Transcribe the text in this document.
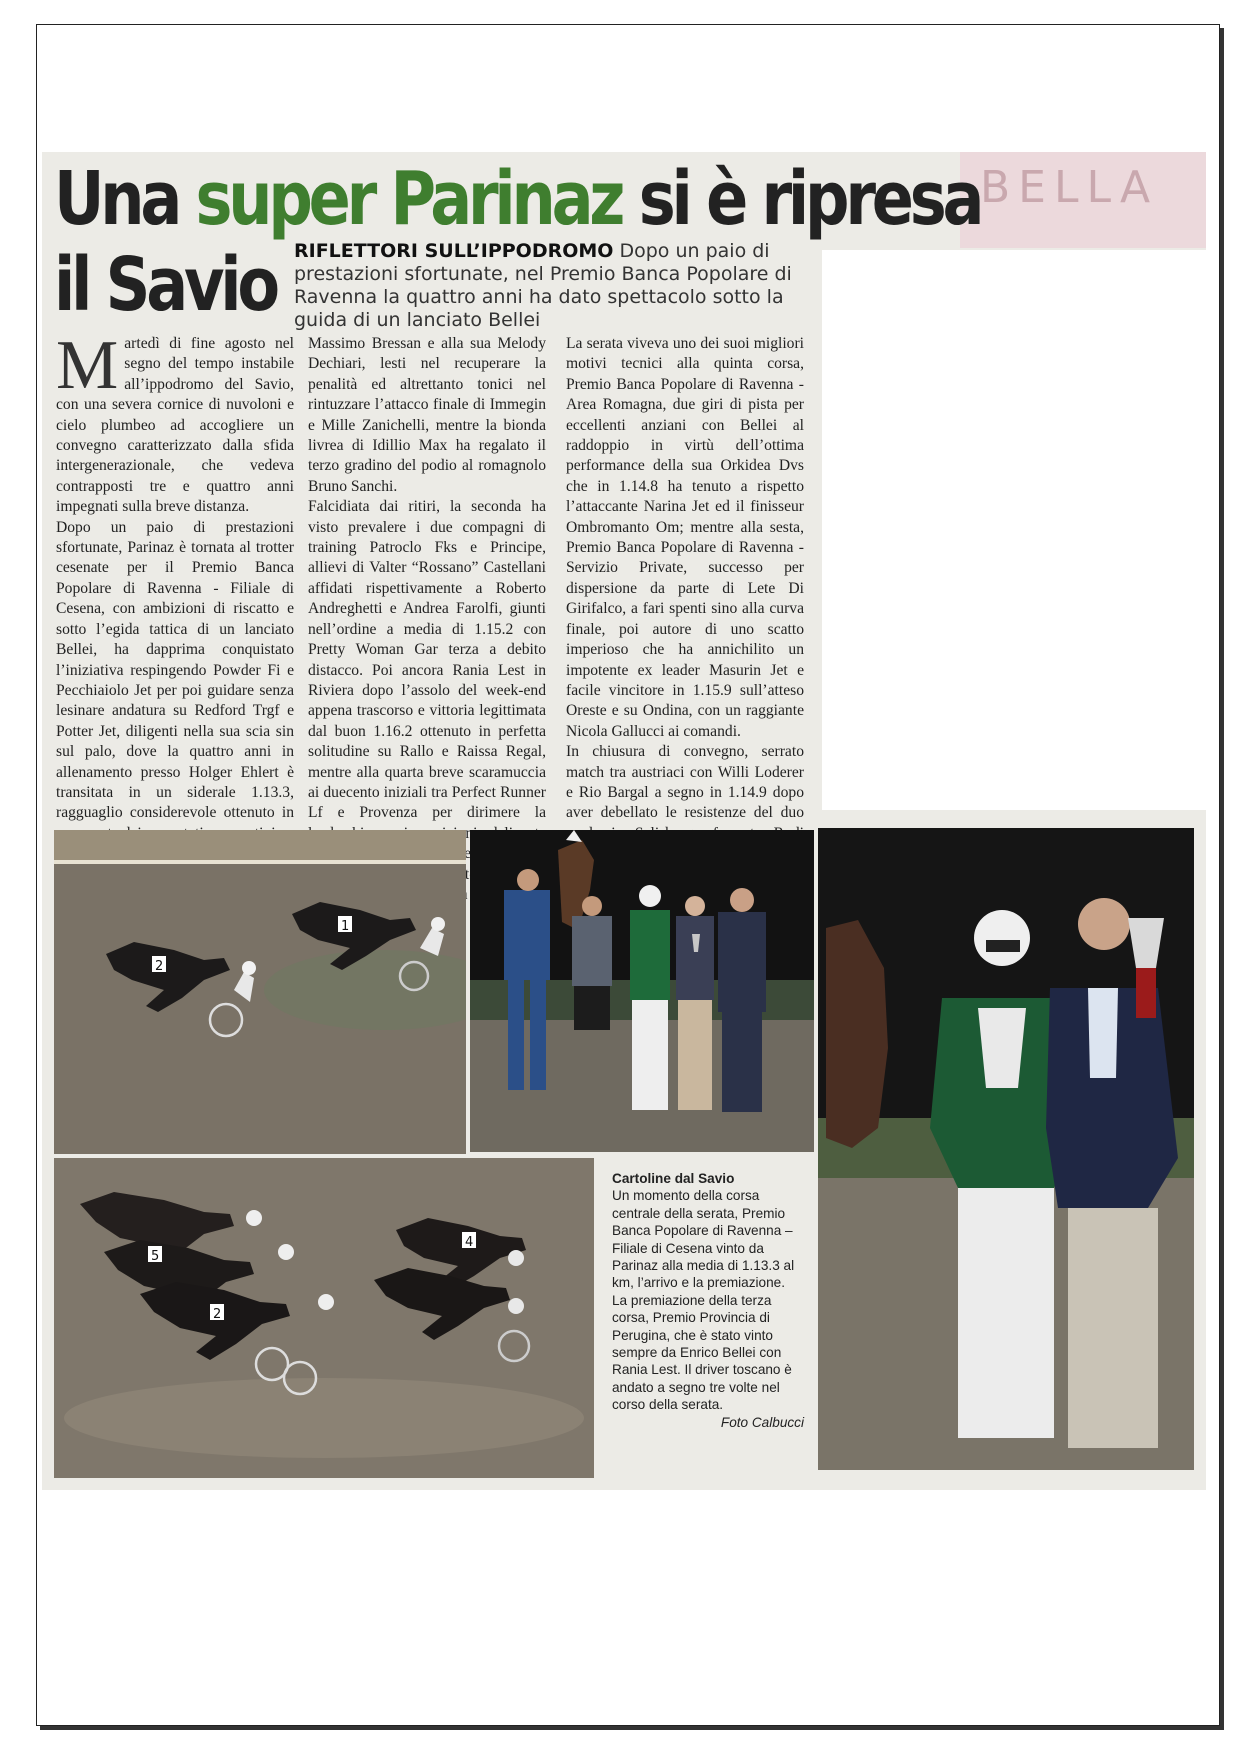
BELLA
Una super Parinaz si è ripresa
il Savio RIFLETTORI SULL’IPPODROMO Dopo un paio di prestazioni sfortunate, nel Premio Banca Popolare di Ravenna la quattro anni ha dato spettacolo sotto la guida di un lanciato Bellei

Martedì di fine agosto nel segno del tempo instabile all’ippodromo del Savio, con una severa cornice di nuvoloni e cielo plumbeo ad accogliere un convegno caratterizzato dalla sfida intergenerazionale, che vedeva contrapposti tre e quattro anni impegnati sulla breve distanza.

Dopo un paio di prestazioni sfortunate, Parinaz è tornata al trotter cesenate per il Premio Banca Popolare di Ravenna - Filiale di Cesena, con ambizioni di riscatto e sotto l’egida tattica di un lanciato Bellei, ha dapprima conquistato l’iniziativa respingendo Powder Fi e Pecchiaiolo Jet per poi guidare senza lesinare andatura su Redford Trgf e Potter Jet, diligenti nella sua scia sin sul palo, dove la quattro anni in allenamento presso Holger Ehlert è transitata in un siderale 1.13.3, ragguaglio considerevole ottenuto in

Massimo Bressan e alla sua Melody Dechiari, lesti nel recuperare la penalità ed altrettanto tonici nel rintuzzare l’attacco finale di Immegin e Mille Zanichelli, mentre la bionda livrea di Idillio Max ha regalato il terzo gradino del podio al romagnolo Bruno Sanchi.

Falcidiata dai ritiri, la seconda ha visto prevalere i due compagni di training Patroclo Fks e Principe, allievi di Valter “Rossano” Castellani affidati rispettivamente a Roberto Andreghetti e Andrea Farolfi, giunti nell’ordine a media di 1.15.2 con Pretty Woman Gar terza a debito distacco. Poi ancora Rania Lest in Riviera dopo l’assolo del week-end appena trascorso e vittoria legittimata dal buon 1.16.2 ottenuto in perfetta solitudine su Rallo e Raissa Regal, mentre alla quarta breve scaramuccia ai duecento iniziali tra Perfect Runner Lf e Provenza per dirimere la e

La serata viveva uno dei suoi migliori motivi tecnici alla quinta corsa, Premio Banca Popolare di Ravenna - Area Romagna, due giri di pista per eccellenti anziani con Bellei al raddoppio in virtù dell’ottima performance della sua Orkidea Dvs che in 1.14.8 ha tenuto a rispetto l’attaccante Narina Jet ed il finisseur Ombromanto Om; mentre alla sesta, Premio Banca Popolare di Ravenna - Servizio Private, successo per dispersione da parte di Lete Di Girifalco, a fari spenti sino alla curva finale, poi autore di uno scatto imperioso che ha annichilito un impotente ex leader Masurin Jet e facile vincitore in 1.15.9 sull’atteso Oreste e su Ondina, con un raggiante Nicola Gallucci ai comandi.

In chiusura di convegno, serrato match tra austriaci con Willi Loderer e Rio Bargal a segno in 1.14.9 dopo aver debellato le resistenze del duo

2
1
5
2
4

Cartoline dal Savio

Un momento della corsa centrale della serata, Premio Banca Popolare di Ravenna – Filiale di Cesena vinto da Parinaz alla media di 1.13.3 al km, l’arrivo e la premiazione.

La premiazione della terza corsa, Premio Provincia di Perugina, che è stato vinto sempre da Enrico Bellei con Rania Lest. Il driver toscano è andato a segno tre volte nel corso della serata.

Foto Calbucci
